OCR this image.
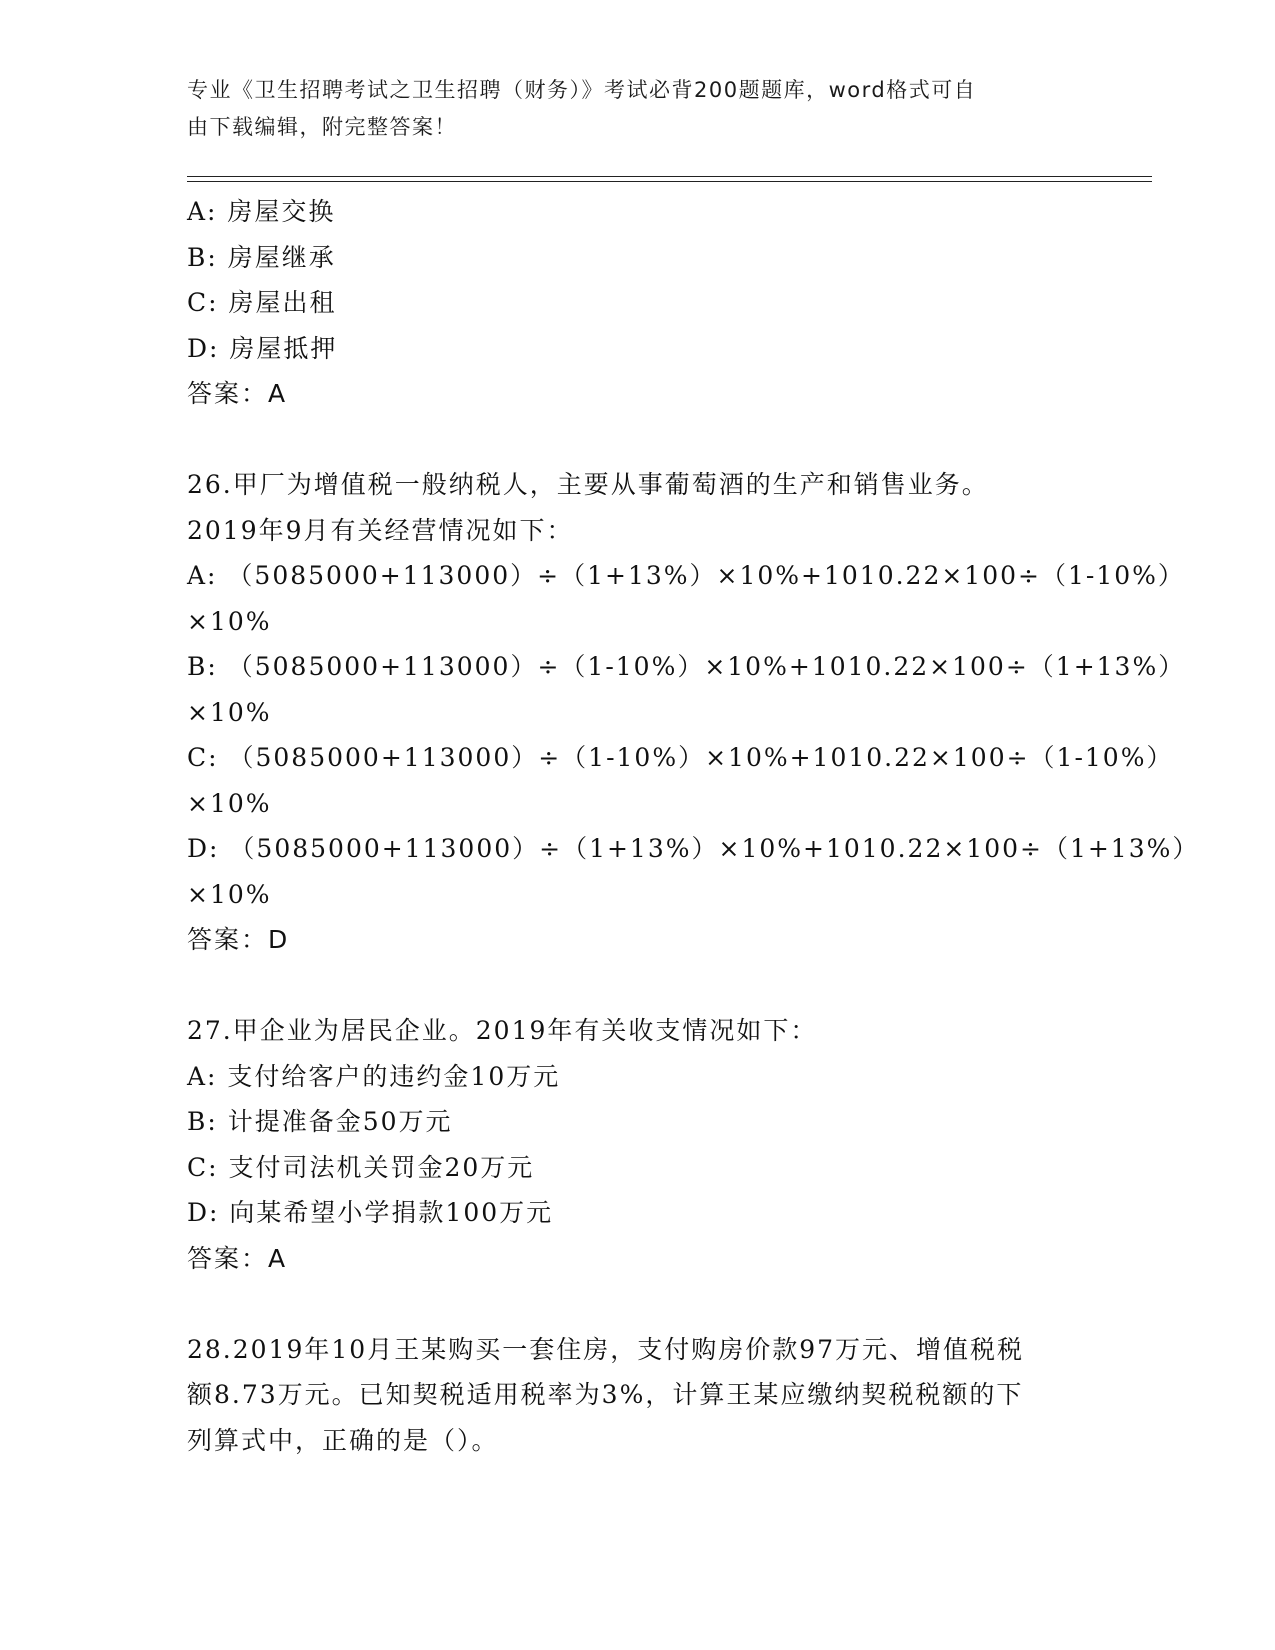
专业《卫生招聘考试之卫生招聘（财务）》考试必背200题题库，word格式可自
由下载编辑，附完整答案！
A: 房屋交换
B: 房屋继承
C: 房屋出租
D: 房屋抵押
答案：A
26.甲厂为增值税一般纳税人，主要从事葡萄酒的生产和销售业务。
2019年9月有关经营情况如下：
A: （5085000+113000）÷（1+13%）×10%+1010.22×100÷（1-10%）
×10%
B: （5085000+113000）÷（1-10%）×10%+1010.22×100÷（1+13%）
×10%
C: （5085000+113000）÷（1-10%）×10%+1010.22×100÷（1-10%）
×10%
D: （5085000+113000）÷（1+13%）×10%+1010.22×100÷（1+13%）
×10%
答案：D
27.甲企业为居民企业。2019年有关收支情况如下：
A: 支付给客户的违约金10万元
B: 计提准备金50万元
C: 支付司法机关罚金20万元
D: 向某希望小学捐款100万元
答案：A
28.2019年10月王某购买一套住房，支付购房价款97万元、增值税税
额8.73万元。已知契税适用税率为3%，计算王某应缴纳契税税额的下
列算式中，正确的是（）。
